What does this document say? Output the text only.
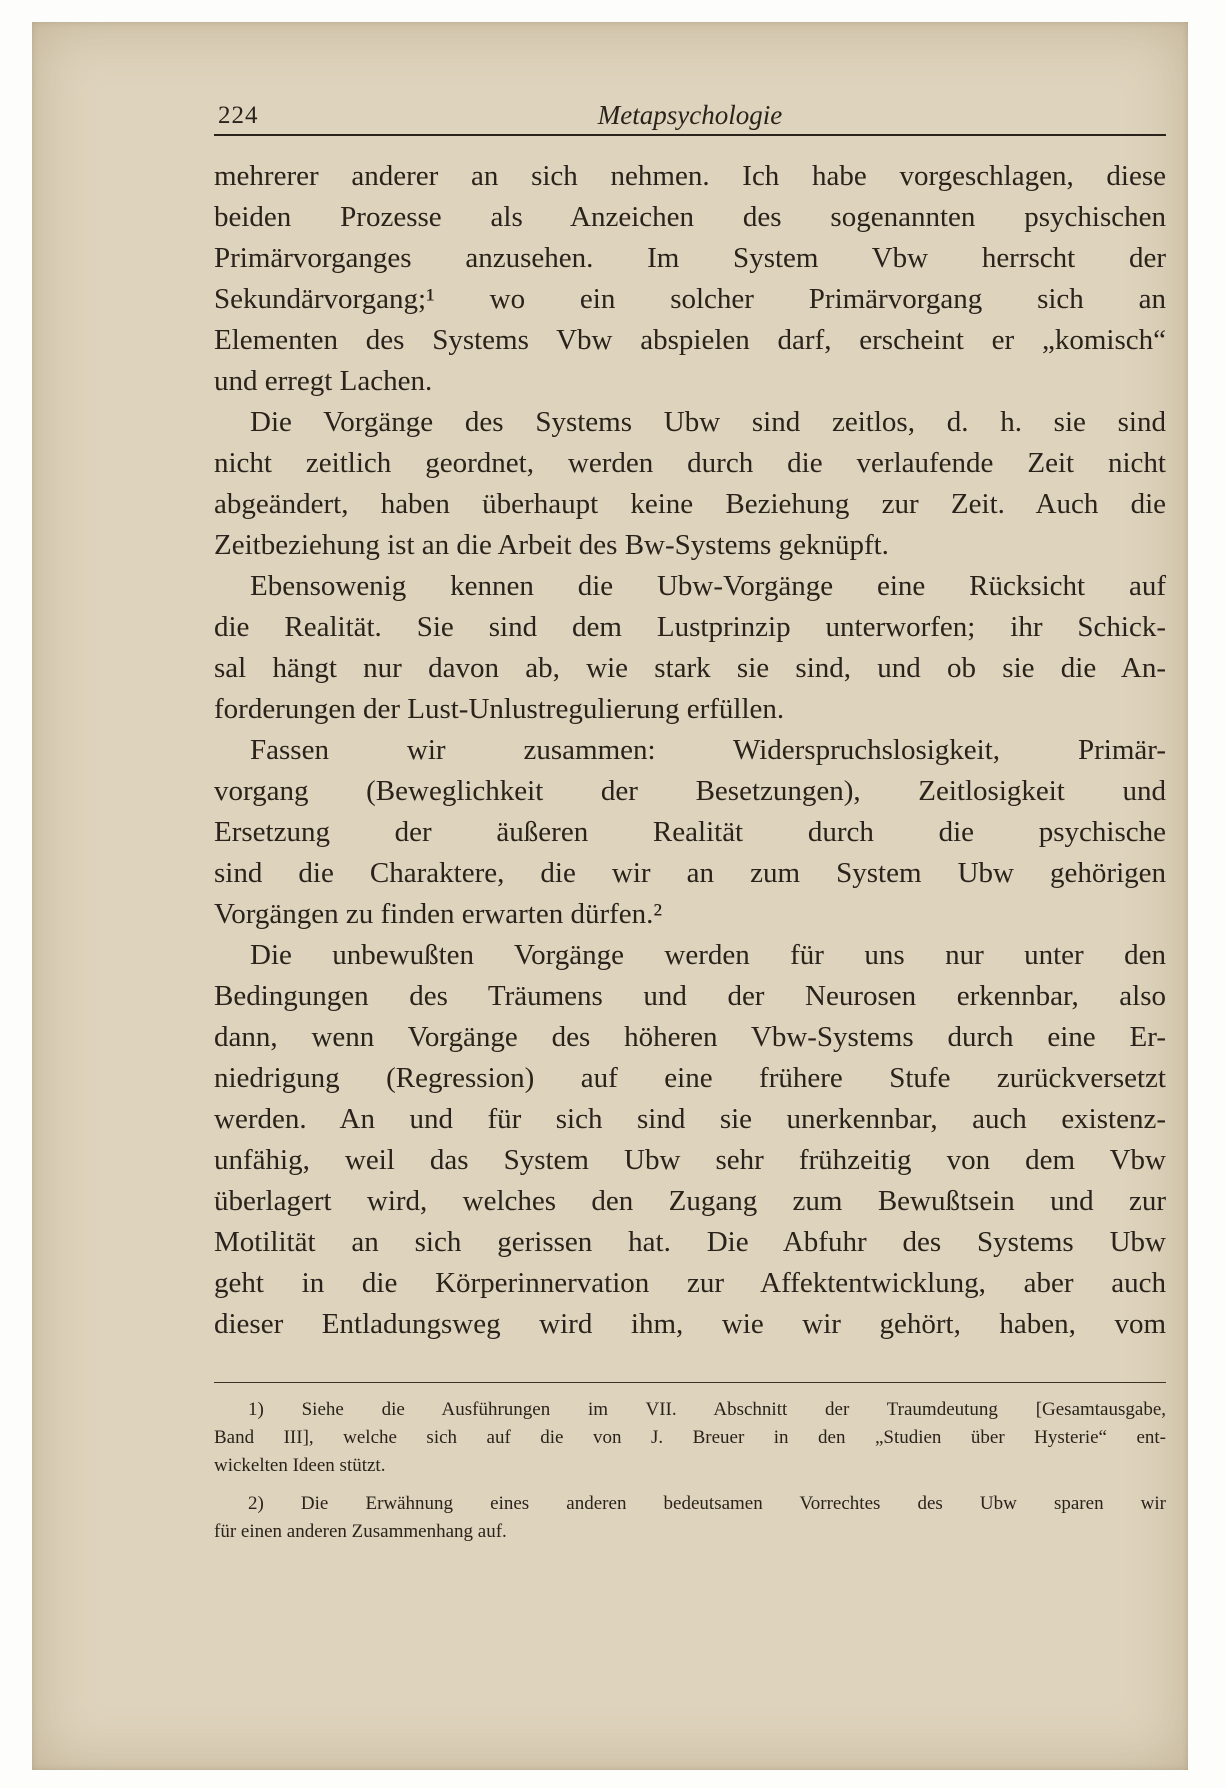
224	Metapsychologie
mehrerer anderer an sich nehmen. Ich habe vorgeschlagen, diese
beiden Prozesse als Anzeichen des sogenannten psychischen
Primärvorganges anzusehen. Im System Vbw herrscht der
Sekundärvorgang;¹ wo ein solcher Primärvorgang sich an
Elementen des Systems Vbw abspielen darf, erscheint er „komisch“
und erregt Lachen.
Die Vorgänge des Systems Ubw sind zeitlos, d. h. sie sind
nicht zeitlich geordnet, werden durch die verlaufende Zeit nicht
abgeändert, haben überhaupt keine Beziehung zur Zeit. Auch die
Zeitbeziehung ist an die Arbeit des Bw-Systems geknüpft.
Ebensowenig kennen die Ubw-Vorgänge eine Rücksicht auf
die Realität. Sie sind dem Lustprinzip unterworfen; ihr Schick-
sal hängt nur davon ab, wie stark sie sind, und ob sie die An-
forderungen der Lust-Unlustregulierung erfüllen.
Fassen wir zusammen: Widerspruchslosigkeit, Primär-
vorgang (Beweglichkeit der Besetzungen), Zeitlosigkeit und
Ersetzung der äußeren Realität durch die psychische
sind die Charaktere, die wir an zum System Ubw gehörigen
Vorgängen zu finden erwarten dürfen.²
Die unbewußten Vorgänge werden für uns nur unter den
Bedingungen des Träumens und der Neurosen erkennbar, also
dann, wenn Vorgänge des höheren Vbw-Systems durch eine Er-
niedrigung (Regression) auf eine frühere Stufe zurückversetzt
werden. An und für sich sind sie unerkennbar, auch existenz-
unfähig, weil das System Ubw sehr frühzeitig von dem Vbw
überlagert wird, welches den Zugang zum Bewußtsein und zur
Motilität an sich gerissen hat. Die Abfuhr des Systems Ubw
geht in die Körperinnervation zur Affektentwicklung, aber auch
dieser Entladungsweg wird ihm, wie wir gehört, haben, vom
1) Siehe die Ausführungen im VII. Abschnitt der Traumdeutung [Gesamtausgabe,
Band III], welche sich auf die von J. Breuer in den „Studien über Hysterie“ ent-
wickelten Ideen stützt.
2) Die Erwähnung eines anderen bedeutsamen Vorrechtes des Ubw sparen wir
für einen anderen Zusammenhang auf.
